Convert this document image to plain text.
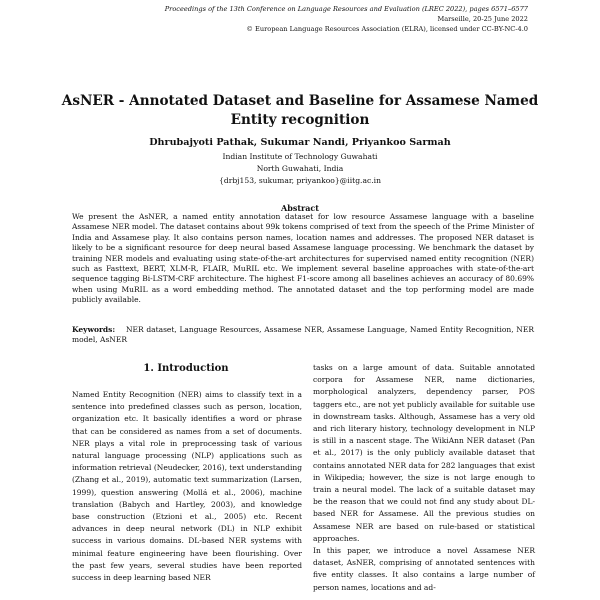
Proceedings of the 13th Conference on Language Resources and Evaluation (LREC 2022), pages 6571–6577
Marseille, 20-25 June 2022
© European Language Resources Association (ELRA), licensed under CC-BY-NC-4.0
AsNER - Annotated Dataset and Baseline for Assamese Named Entity recognition
Dhrubajyoti Pathak, Sukumar Nandi, Priyankoo Sarmah
Indian Institute of Technology Guwahati
North Guwahati, India
{drbj153, sukumar, priyankoo}@iitg.ac.in
Abstract
We present the AsNER, a named entity annotation dataset for low resource Assamese language with a baseline Assamese NER model. The dataset contains about 99k tokens comprised of text from the speech of the Prime Minister of India and Assamese play. It also contains person names, location names and addresses. The proposed NER dataset is likely to be a significant resource for deep neural based Assamese language processing. We benchmark the dataset by training NER models and evaluating using state-of-the-art architectures for supervised named entity recognition (NER) such as Fasttext, BERT, XLM-R, FLAIR, MuRIL etc. We implement several baseline approaches with state-of-the-art sequence tagging Bi-LSTM-CRF architecture. The highest F1-score among all baselines achieves an accuracy of 80.69% when using MuRIL as a word embedding method. The annotated dataset and the top performing model are made publicly available.
Keywords: NER dataset, Language Resources, Assamese NER, Assamese Language, Named Entity Recognition, NER model, AsNER
1. Introduction

Named Entity Recognition (NER) aims to classify text in a sentence into predefined classes such as person, location, organization etc. It basically identifies a word or phrase that can be considered as names from a set of documents. NER plays a vital role in preprocessing task of various natural language processing (NLP) applications such as information retrieval (Neudecker, 2016), text understanding (Zhang et al., 2019), automatic text summarization (Larsen, 1999), question answering (Mollá et al., 2006), machine translation (Babych and Hartley, 2003), and knowledge base construction (Etzioni et al., 2005) etc. Recent advances in deep neural network (DL) in NLP exhibit success in various domains. DL-based NER systems with minimal feature engineering have been flourishing. Over the past few years, several studies have been reported success in deep learning based NER

tasks on a large amount of data. Suitable annotated corpora for Assamese NER, name dictionaries, morphological analyzers, dependency parser, POS taggers etc., are not yet publicly available for suitable use in downstream tasks. Although, Assamese has a very old and rich literary history, technology development in NLP is still in a nascent stage. The WikiAnn NER dataset (Pan et al., 2017) is the only publicly available dataset that contains annotated NER data for 282 languages that exist in Wikipedia; however, the size is not large enough to train a neural model. The lack of a suitable dataset may be the reason that we could not find any study about DL-based NER for Assamese. All the previous studies on Assamese NER are based on rule-based or statistical approaches.

In this paper, we introduce a novel Assamese NER dataset, AsNER, comprising of annotated sentences with five entity classes. It also contains a large number of person names, locations and ad-
